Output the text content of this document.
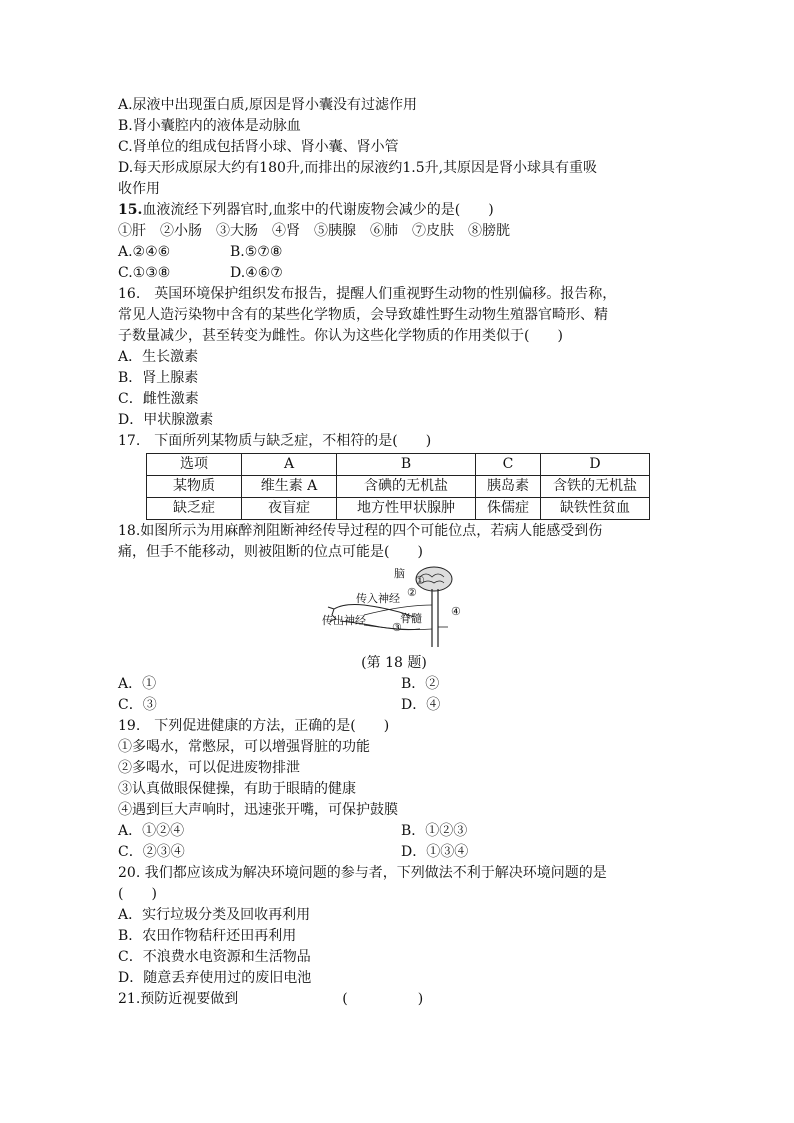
A.尿液中出现蛋白质,原因是肾小囊没有过滤作用
B.肾小囊腔内的液体是动脉血
C.肾单位的组成包括肾小球、肾小囊、肾小管
D.每天形成原尿大约有180升,而排出的尿液约1.5升,其原因是肾小球具有重吸
收作用
15.血液流经下列器官时,血浆中的代谢废物会减少的是(　　)
①肝　②小肠　③大肠　④肾　⑤胰腺　⑥肺　⑦皮肤　⑧膀胱
A.②④⑥	B.⑤⑦⑧
C.①③⑧	D.④⑥⑦
16.　英国环境保护组织发布报告，提醒人们重视野生动物的性别偏移。报告称，
常见人造污染物中含有的某些化学物质，会导致雄性野生动物生殖器官畸形、精
子数量减少，甚至转变为雌性。你认为这些化学物质的作用类似于(　　)
A．生长激素
B．肾上腺素
C．雌性激素
D．甲状腺激素
17.　下面所列某物质与缺乏症，不相符的是(　　)
选项	A	B	C	D
某物质	维生素 A	含碘的无机盐	胰岛素	含铁的无机盐
缺乏症	夜盲症	地方性甲状腺肿	侏儒症	缺铁性贫血
18.如图所示为用麻醉剂阻断神经传导过程的四个可能位点，若病人能感受到伤
痛，但手不能移动，则被阻断的位点可能是(　　)
脑
传入神经
传出神经	脊髓
①
②
③
④
(第 18 题)
A．①	B．②
C．③	D．④
19.　下列促进健康的方法，正确的是(　　)
①多喝水，常憋尿，可以增强肾脏的功能
②多喝水，可以促进废物排泄
③认真做眼保健操，有助于眼睛的健康
④遇到巨大声响时，迅速张开嘴，可保护鼓膜
A．①②④	B．①②③
C．②③④	D．①③④
20. 我们都应该成为解决环境问题的参与者，下列做法不利于解决环境问题的是
(　　)
A．实行垃圾分类及回收再利用
B．农田作物秸秆还田再利用
C．不浪费水电资源和生活物品
D．随意丢弃使用过的废旧电池
21.预防近视要做到	(　　　　　)
